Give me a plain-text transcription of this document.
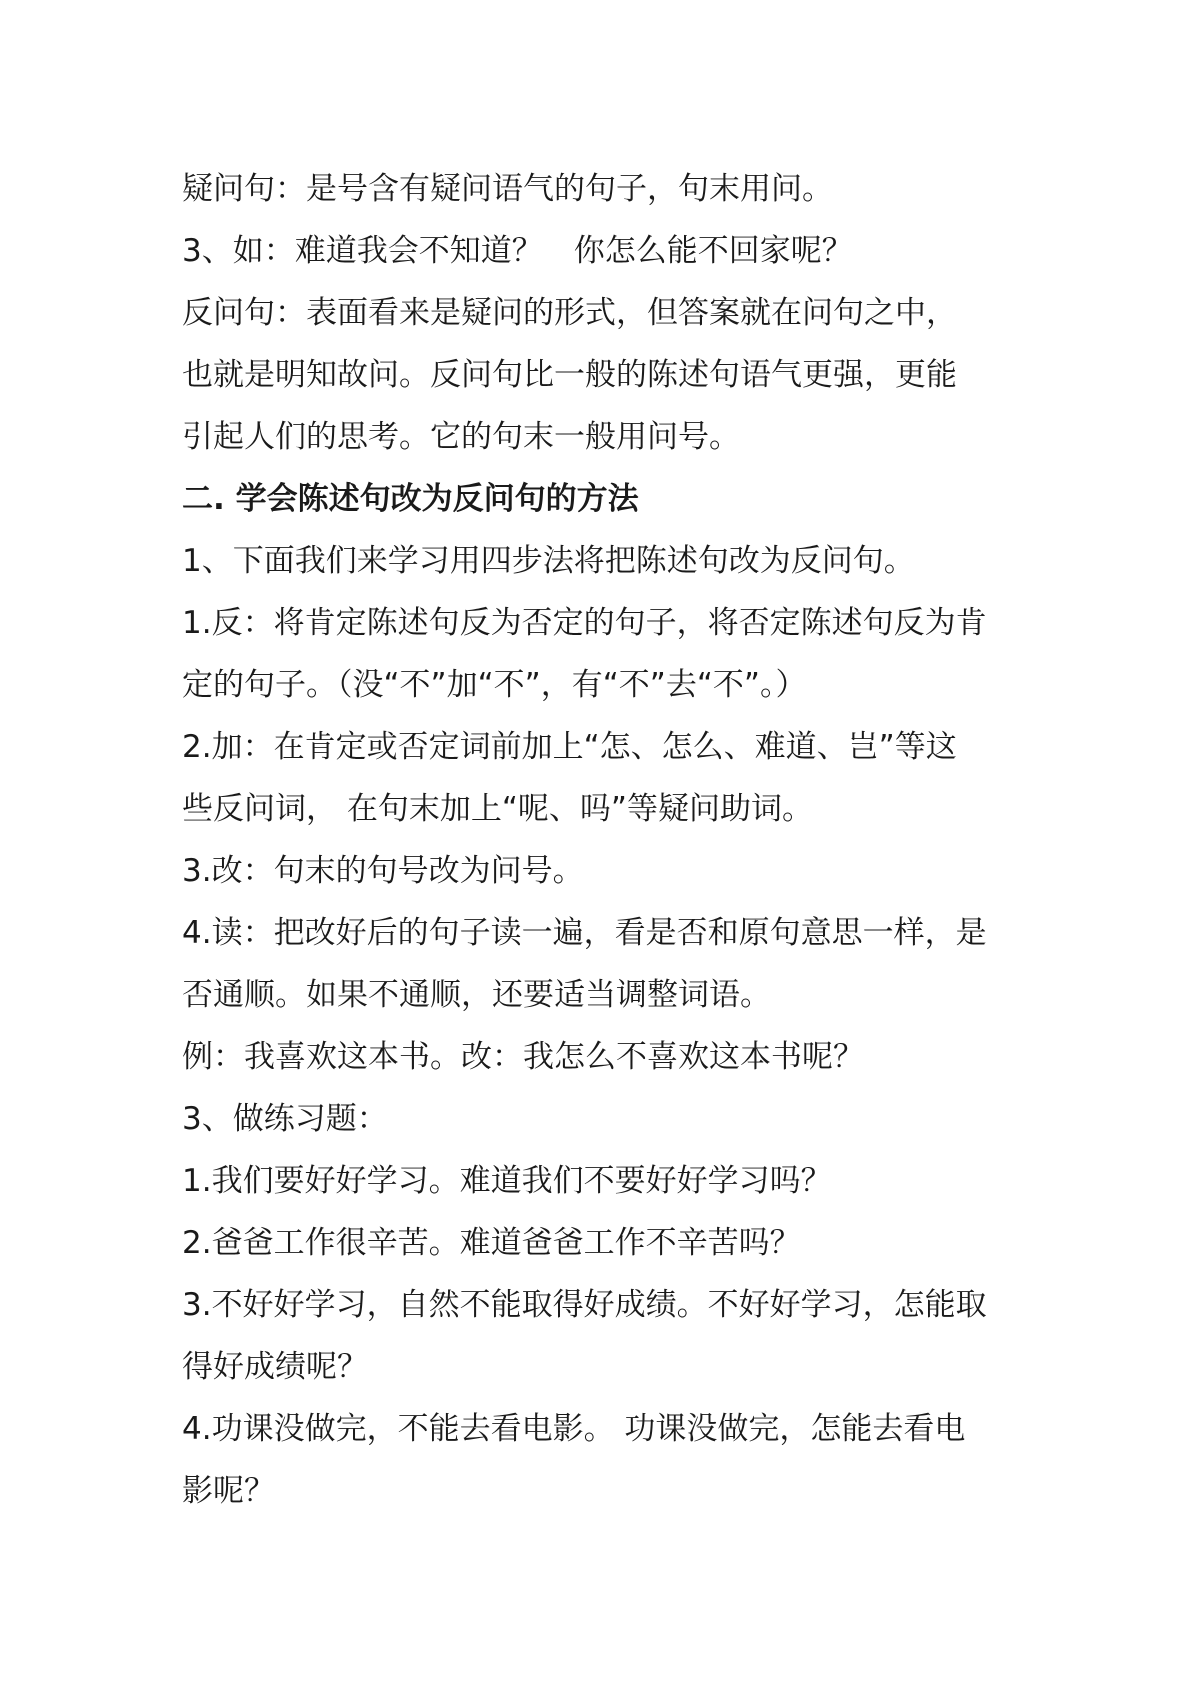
疑问句：是号含有疑问语气的句子，句末用问。
3、如：难道我会不知道？　你怎么能不回家呢？
反问句：表面看来是疑问的形式，但答案就在问句之中，
也就是明知故问。反问句比一般的陈述句语气更强，更能
引起人们的思考。它的句末一般用问号。
二. 学会陈述句改为反问句的方法
1、下面我们来学习用四步法将把陈述句改为反问句。
1.反：将肯定陈述句反为否定的句子，将否定陈述句反为肯
定的句子。（没“不”加“不”，有“不”去“不”。）
2.加：在肯定或否定词前加上“怎、怎么、难道、岂”等这
些反问词， 在句末加上“呢、吗”等疑问助词。
3.改：句末的句号改为问号。
4.读：把改好后的句子读一遍，看是否和原句意思一样，是
否通顺。如果不通顺，还要适当调整词语。
例：我喜欢这本书。改：我怎么不喜欢这本书呢？
3、做练习题：
1.我们要好好学习。难道我们不要好好学习吗？
2.爸爸工作很辛苦。难道爸爸工作不辛苦吗？
3.不好好学习，自然不能取得好成绩。不好好学习，怎能取
得好成绩呢？
4.功课没做完，不能去看电影。 功课没做完，怎能去看电
影呢？
